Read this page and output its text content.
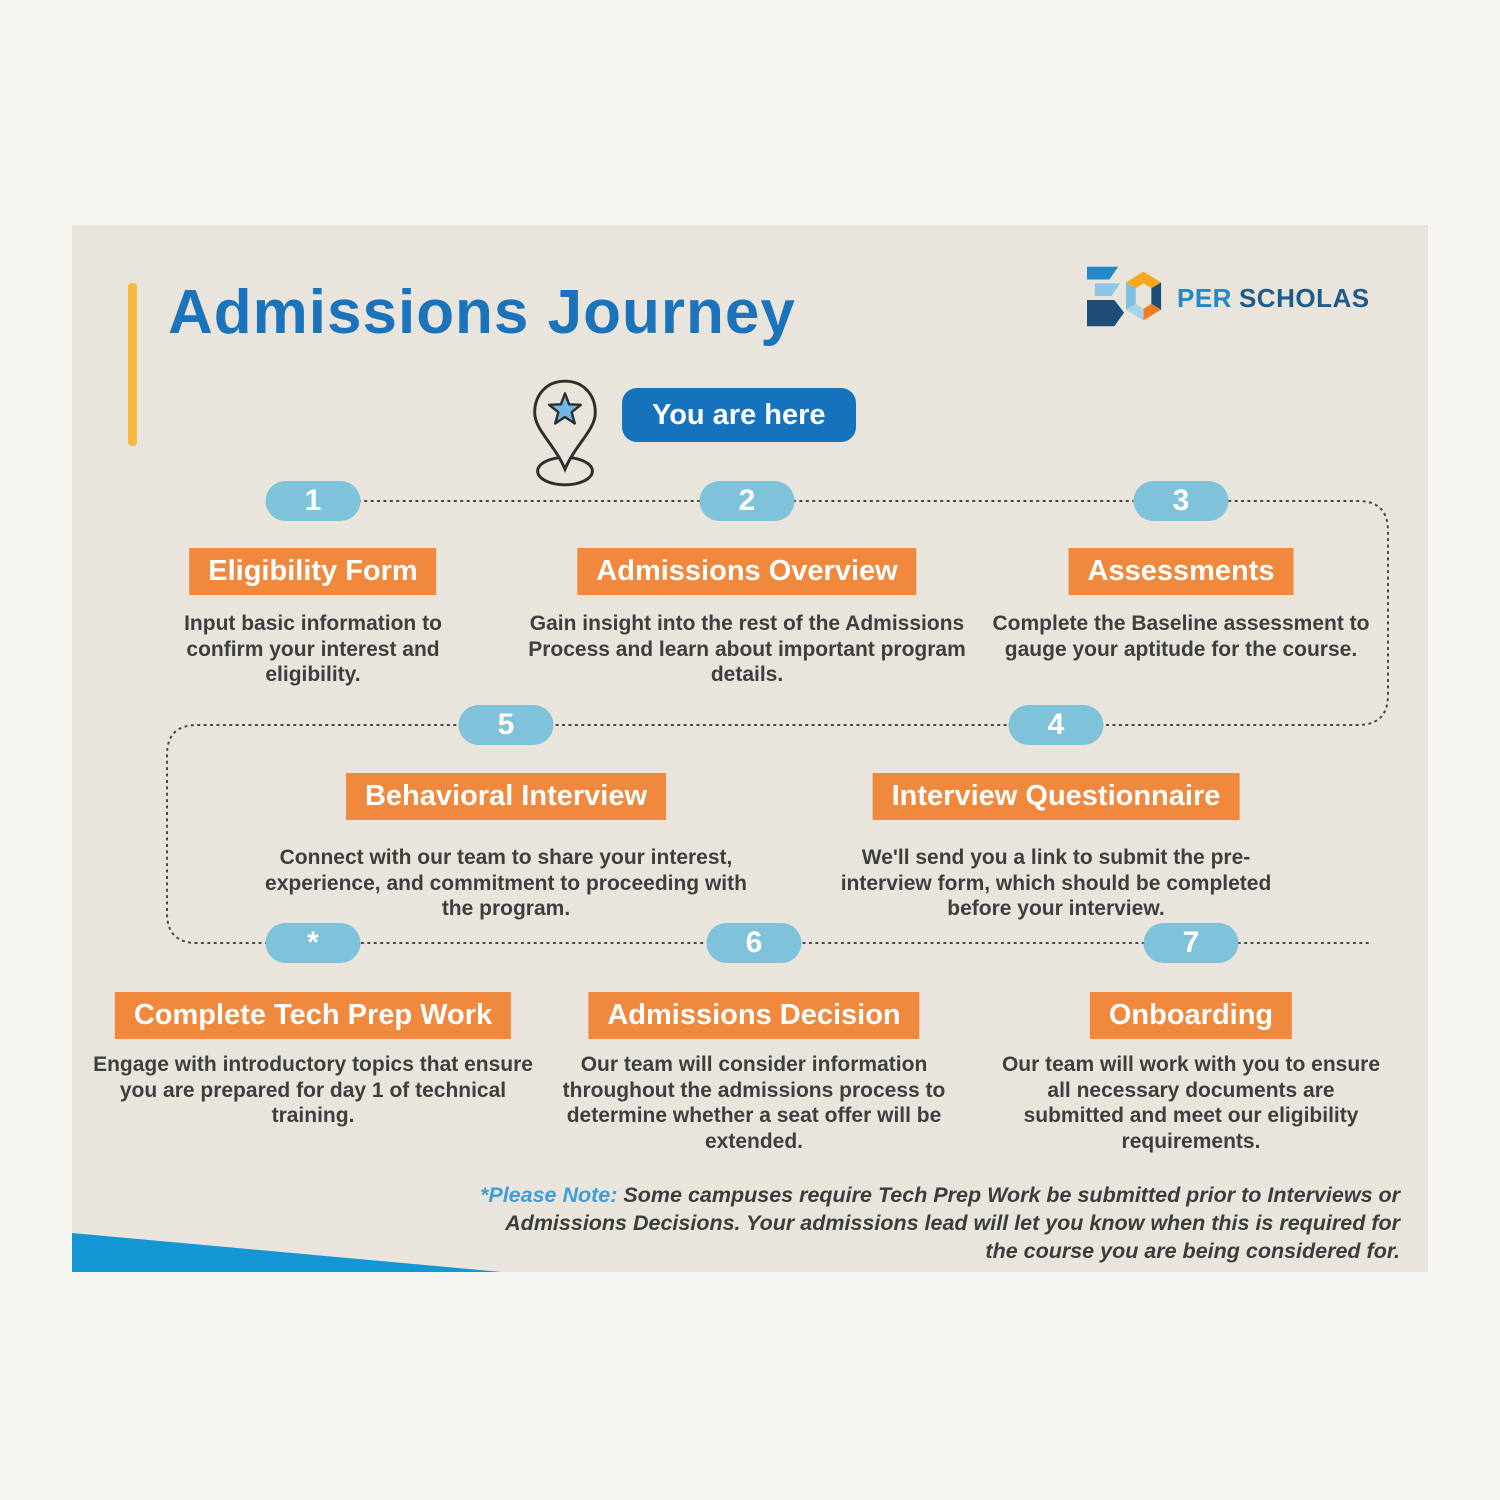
Admissions Journey	PER SCHOLAS
You are here
1
Eligibility Form
Input basic information to confirm your interest and eligibility.
2
Admissions Overview
Gain insight into the rest of the Admissions Process and learn about important program details.
3
Assessments
Complete the Baseline assessment to gauge your aptitude for the course.
5
Behavioral Interview
Connect with our team to share your interest, experience, and commitment to proceeding with the program.
4
Interview Questionnaire
We'll send you a link to submit the pre-interview form, which should be completed before your interview.
*
Complete Tech Prep Work
Engage with introductory topics that ensure you are prepared for day 1 of technical training.
6
Admissions Decision
Our team will consider information throughout the admissions process to determine whether a seat offer will be extended.
7
Onboarding
Our team will work with you to ensure all necessary documents are submitted and meet our eligibility requirements.
*Please Note: Some campuses require Tech Prep Work be submitted prior to Interviews or Admissions Decisions. Your admissions lead will let you know when this is required for the course you are being considered for.
